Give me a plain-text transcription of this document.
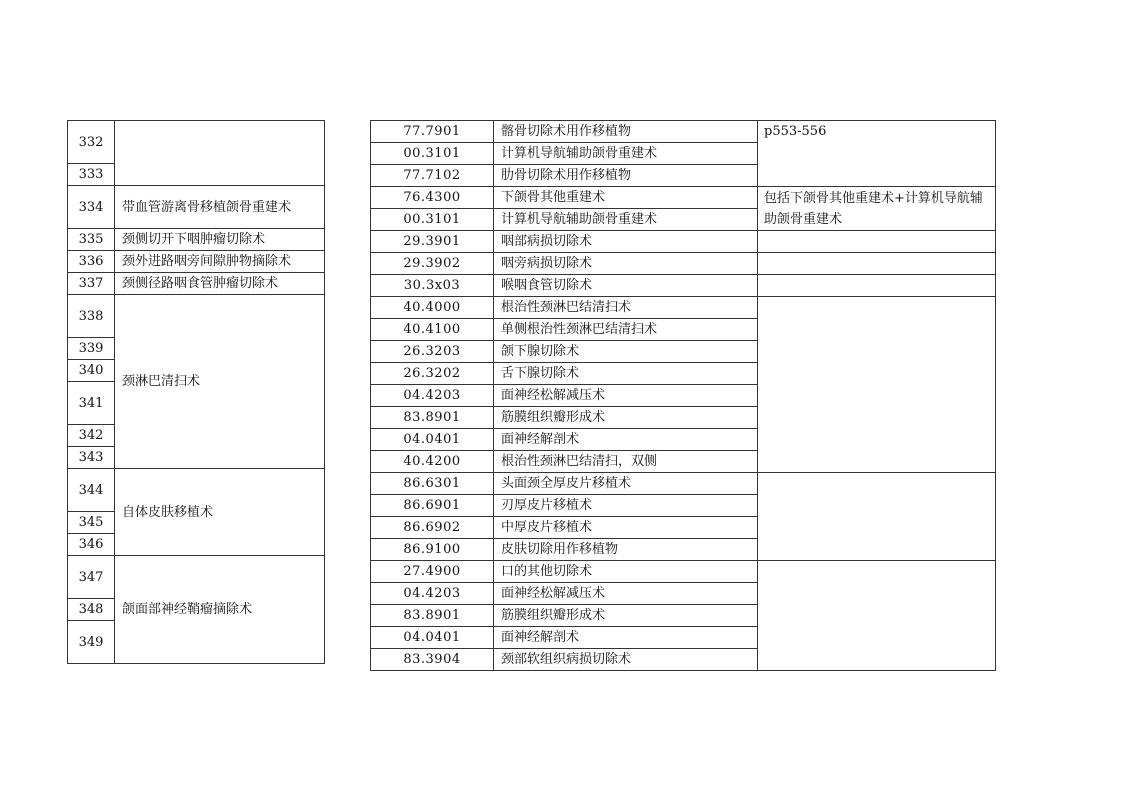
332	
333	
334	带血管游离骨移植颌骨重建术
335	颈侧切开下咽肿瘤切除术
336	颈外进路咽旁间隙肿物摘除术
337	颈侧径路咽食管肿瘤切除术
338	颈淋巴清扫术
339	
340	
341	
342	
343	
344	自体皮肤移植术
345	
346	
347	颌面部神经鞘瘤摘除术
348	
349	
77.7901	髂骨切除术用作移植物	p553-556
00.3101	计算机导航辅助颌骨重建术	
77.7102	肋骨切除术用作移植物	
76.4300	下颌骨其他重建术	包括下颌骨其他重建术+计算机导航辅助颌骨重建术
00.3101	计算机导航辅助颌骨重建术	
29.3901	咽部病损切除术	
29.3902	咽旁病损切除术	
30.3x03	喉咽食管切除术	
40.4000	根治性颈淋巴结清扫术	
40.4100	单侧根治性颈淋巴结清扫术	
26.3203	颌下腺切除术	
26.3202	舌下腺切除术	
04.4203	面神经松解减压术	
83.8901	筋膜组织瓣形成术	
04.0401	面神经解剖术	
40.4200	根治性颈淋巴结清扫，双侧	
86.6301	头面颈全厚皮片移植术	
86.6901	刃厚皮片移植术	
86.6902	中厚皮片移植术	
86.9100	皮肤切除用作移植物	
27.4900	口的其他切除术	
04.4203	面神经松解减压术	
83.8901	筋膜组织瓣形成术	
04.0401	面神经解剖术	
83.3904	颈部软组织病损切除术	
